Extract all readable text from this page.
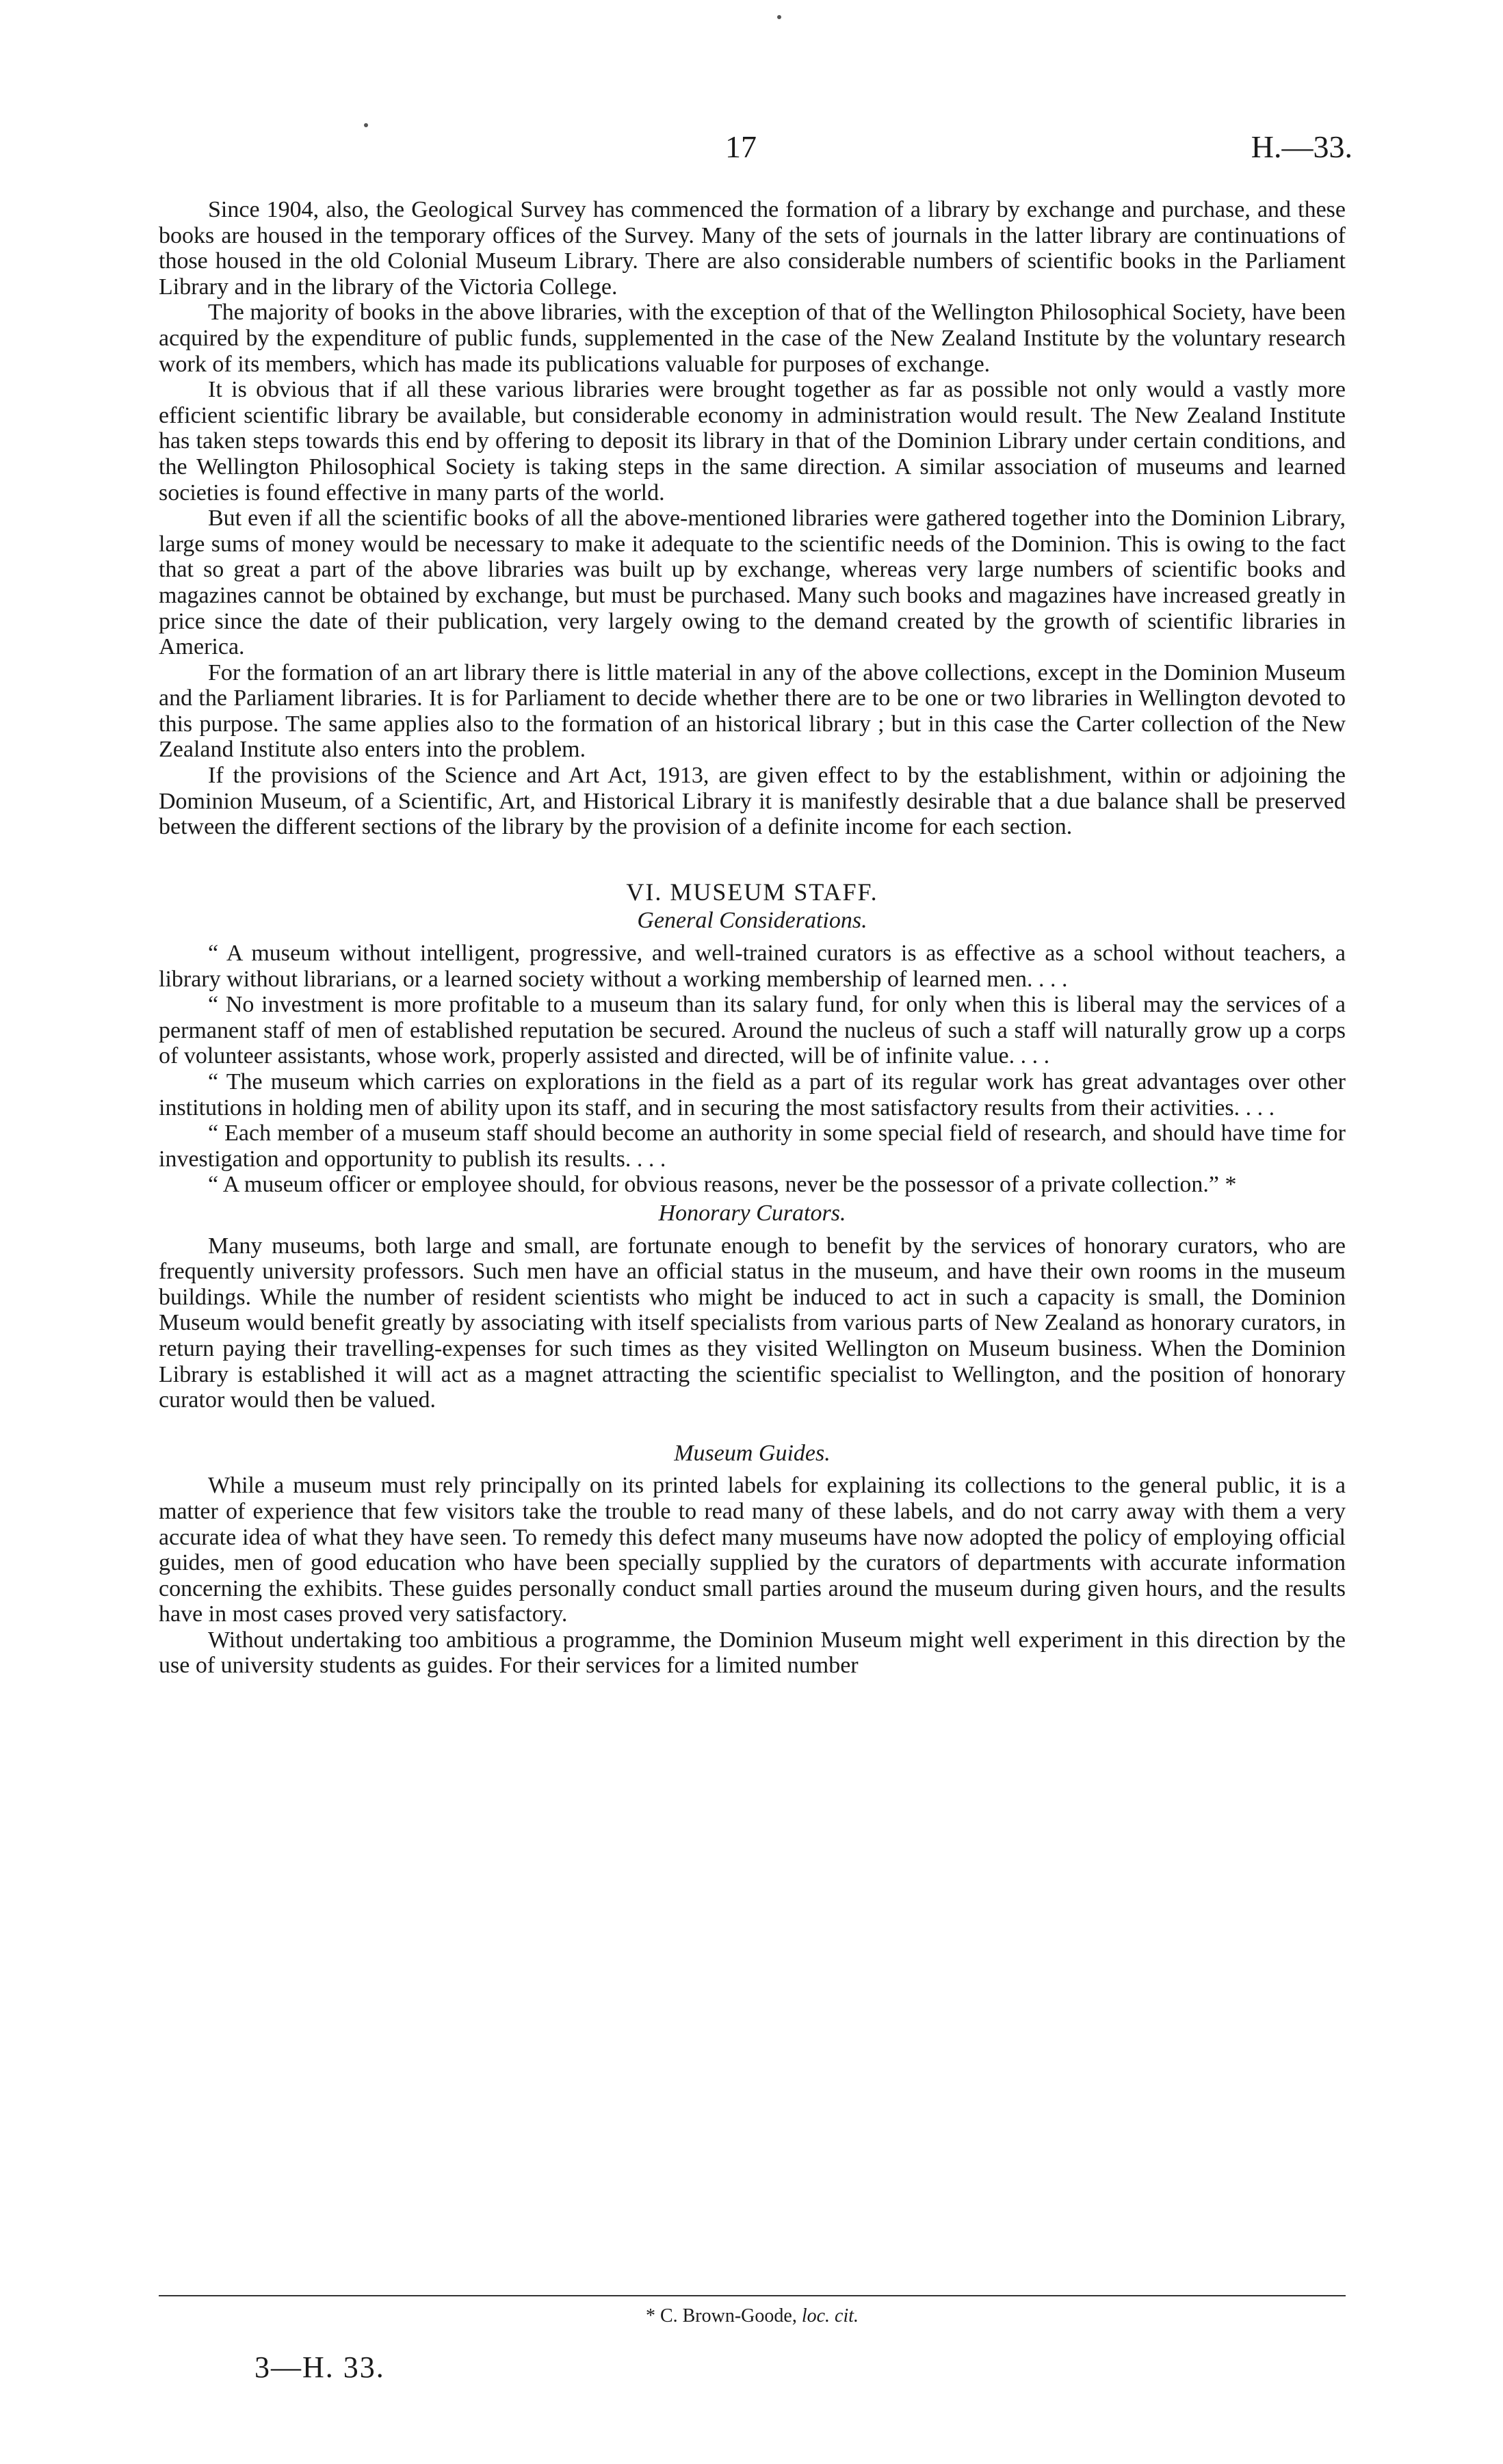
17	H.—33.

Since 1904, also, the Geological Survey has commenced the formation of a library by exchange and purchase, and these books are housed in the temporary offices of the Survey. Many of the sets of journals in the latter library are continuations of those housed in the old Colonial Museum Library. There are also considerable numbers of scientific books in the Parliament Library and in the library of the Victoria College.

The majority of books in the above libraries, with the exception of that of the Wellington Philosophical Society, have been acquired by the expenditure of public funds, supplemented in the case of the New Zealand Institute by the voluntary research work of its members, which has made its publications valuable for purposes of exchange.

It is obvious that if all these various libraries were brought together as far as possible not only would a vastly more efficient scientific library be available, but considerable economy in administration would result. The New Zealand Institute has taken steps towards this end by offering to deposit its library in that of the Dominion Library under certain conditions, and the Wellington Philosophical Society is taking steps in the same direction. A similar association of museums and learned societies is found effective in many parts of the world.

But even if all the scientific books of all the above-mentioned libraries were gathered together into the Dominion Library, large sums of money would be necessary to make it adequate to the scientific needs of the Dominion. This is owing to the fact that so great a part of the above libraries was built up by exchange, whereas very large numbers of scientific books and magazines cannot be obtained by exchange, but must be purchased. Many such books and magazines have increased greatly in price since the date of their publication, very largely owing to the demand created by the growth of scientific libraries in America.

For the formation of an art library there is little material in any of the above collections, except in the Dominion Museum and the Parliament libraries. It is for Parliament to decide whether there are to be one or two libraries in Wellington devoted to this purpose. The same applies also to the formation of an historical library ; but in this case the Carter collection of the New Zealand Institute also enters into the problem.

If the provisions of the Science and Art Act, 1913, are given effect to by the establishment, within or adjoining the Dominion Museum, of a Scientific, Art, and Historical Library it is manifestly desirable that a due balance shall be preserved between the different sections of the library by the provision of a definite income for each section.

VI. MUSEUM STAFF.

General Considerations.

“ A museum without intelligent, progressive, and well-trained curators is as effective as a school without teachers, a library without librarians, or a learned society without a working membership of learned men. . . .

“ No investment is more profitable to a museum than its salary fund, for only when this is liberal may the services of a permanent staff of men of established reputation be secured. Around the nucleus of such a staff will naturally grow up a corps of volunteer assistants, whose work, properly assisted and directed, will be of infinite value. . . .

“ The museum which carries on explorations in the field as a part of its regular work has great advantages over other institutions in holding men of ability upon its staff, and in securing the most satisfactory results from their activities. . . .

“ Each member of a museum staff should become an authority in some special field of research, and should have time for investigation and opportunity to publish its results. . . .

“ A museum officer or employee should, for obvious reasons, never be the possessor of a private collection.” *

Honorary Curators.

Many museums, both large and small, are fortunate enough to benefit by the services of honorary curators, who are frequently university professors. Such men have an official status in the museum, and have their own rooms in the museum buildings. While the number of resident scientists who might be induced to act in such a capacity is small, the Dominion Museum would benefit greatly by associating with itself specialists from various parts of New Zealand as honorary curators, in return paying their travelling-expenses for such times as they visited Wellington on Museum business. When the Dominion Library is established it will act as a magnet attracting the scientific specialist to Wellington, and the position of honorary curator would then be valued.

Museum Guides.

While a museum must rely principally on its printed labels for explaining its collections to the general public, it is a matter of experience that few visitors take the trouble to read many of these labels, and do not carry away with them a very accurate idea of what they have seen. To remedy this defect many museums have now adopted the policy of employing official guides, men of good education who have been specially supplied by the curators of departments with accurate information concerning the exhibits. These guides personally conduct small parties around the museum during given hours, and the results have in most cases proved very satisfactory.

Without undertaking too ambitious a programme, the Dominion Museum might well experiment in this direction by the use of university students as guides. For their services for a limited number

* C. Brown-Goode, loc. cit.
3—H. 33.
